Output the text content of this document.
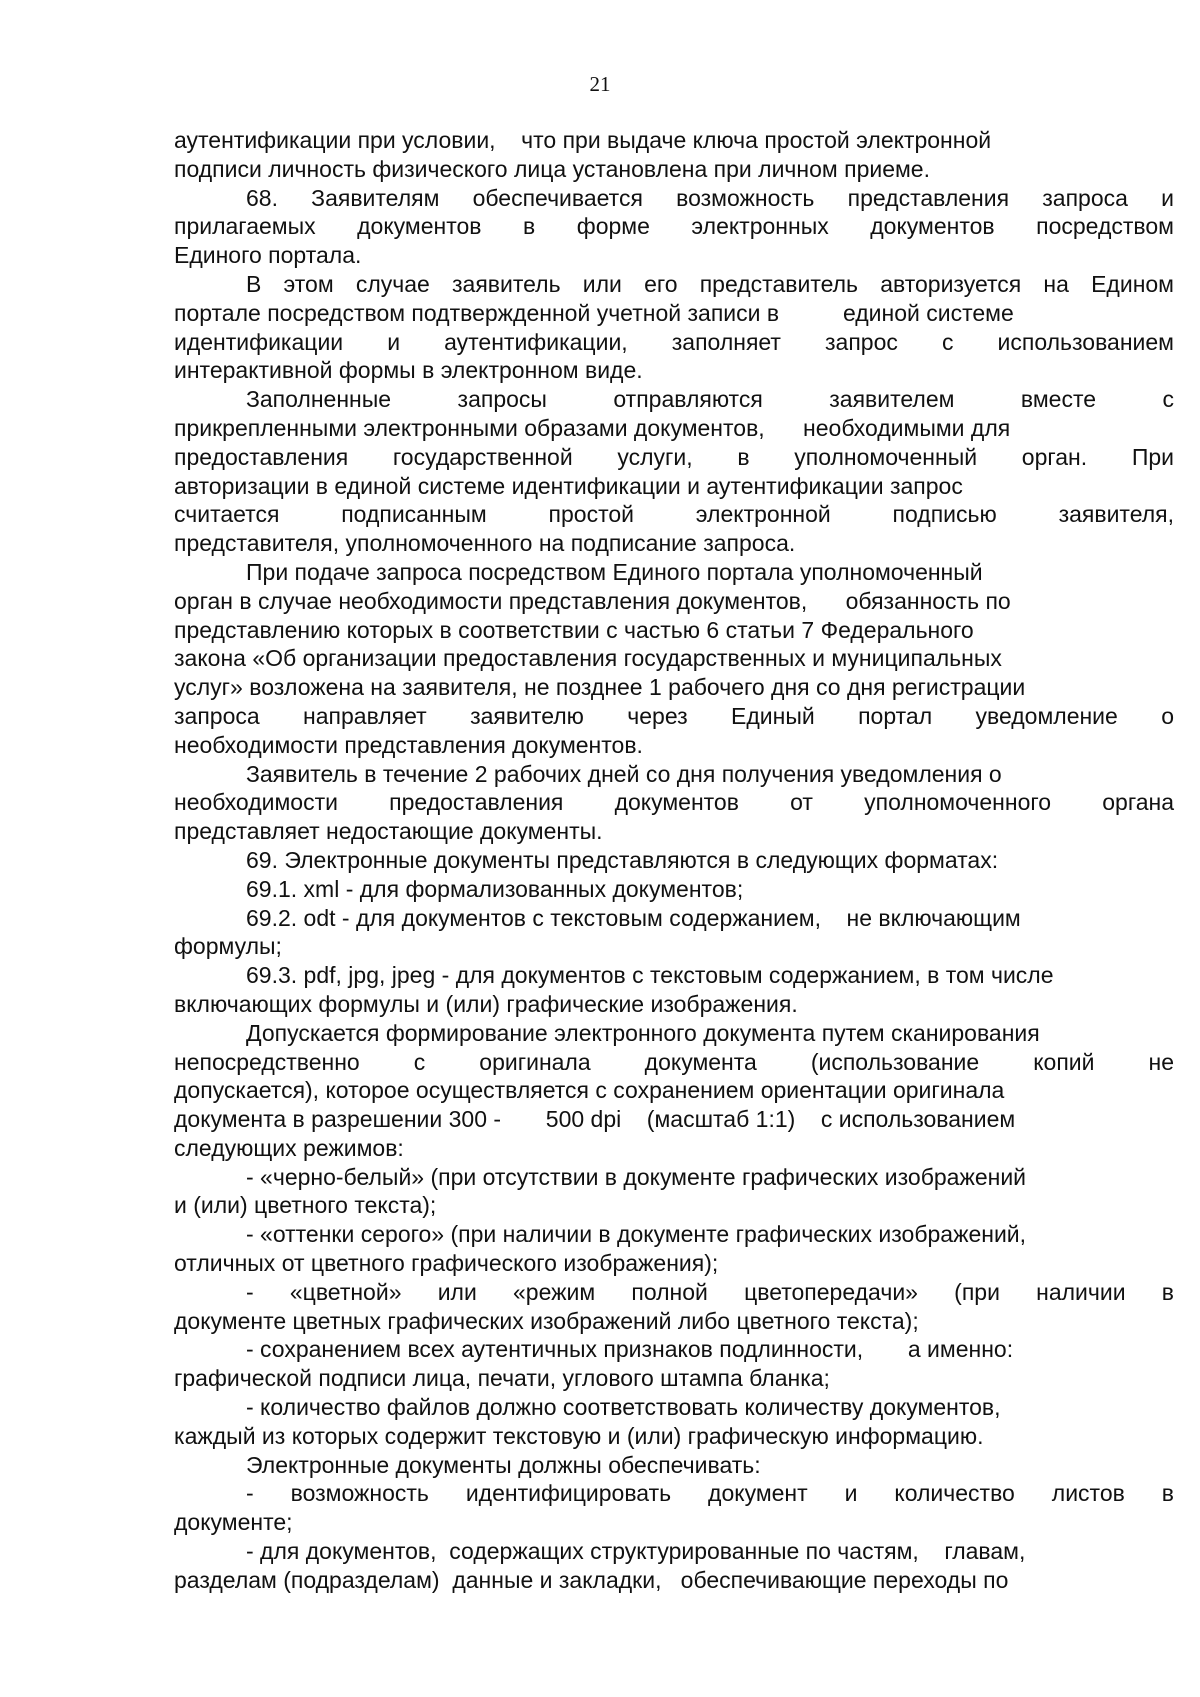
21
аутентификации при условии,    что при выдаче ключа простой электронной
подписи личность физического лица установлена при личном приеме.
68. Заявителям обеспечивается возможность представления запроса и
прилагаемых документов в форме электронных документов посредством
Единого портала.
В этом случае заявитель или его представитель авторизуется на Едином
портале посредством подтвержденной учетной записи в          единой системе
идентификации и аутентификации, заполняет запрос с использованием
интерактивной формы в электронном виде.
Заполненные запросы отправляются заявителем вместе с
прикрепленными электронными образами документов,      необходимыми для
предоставления государственной услуги, в уполномоченный орган. При
авторизации в единой системе идентификации и аутентификации запрос
считается подписанным простой электронной подписью заявителя,
представителя, уполномоченного на подписание запроса.
При подаче запроса посредством Единого портала уполномоченный
орган в случае необходимости представления документов,      обязанность по
представлению которых в соответствии с частью 6 статьи 7 Федерального
закона «Об организации предоставления государственных и муниципальных
услуг» возложена на заявителя, не позднее 1 рабочего дня со дня регистрации
запроса направляет заявителю через Единый портал уведомление о
необходимости представления документов.
Заявитель в течение 2 рабочих дней со дня получения уведомления о
необходимости предоставления документов от уполномоченного органа
представляет недостающие документы.
69. Электронные документы представляются в следующих форматах:
69.1. xml - для формализованных документов;
69.2. odt - для документов с текстовым содержанием,    не включающим
формулы;
69.3. pdf, jpg, jpeg - для документов с текстовым содержанием, в том числе
включающих формулы и (или) графические изображения.
Допускается формирование электронного документа путем сканирования
непосредственно с оригинала документа (использование копий не
допускается), которое осуществляется с сохранением ориентации оригинала
документа в разрешении 300 -       500 dpi    (масштаб 1:1)    с использованием
следующих режимов:
- «черно-белый» (при отсутствии в документе графических изображений
и (или) цветного текста);
- «оттенки серого» (при наличии в документе графических изображений,
отличных от цветного графического изображения);
- «цветной» или «режим полной цветопередачи» (при наличии в
документе цветных графических изображений либо цветного текста);
- сохранением всех аутентичных признаков подлинности,       а именно:
графической подписи лица, печати, углового штампа бланка;
- количество файлов должно соответствовать количеству документов,
каждый из которых содержит текстовую и (или) графическую информацию.
Электронные документы должны обеспечивать:
- возможность идентифицировать документ и количество листов в
документе;
- для документов,  содержащих структурированные по частям,    главам,
разделам (подразделам)  данные и закладки,   обеспечивающие переходы по
